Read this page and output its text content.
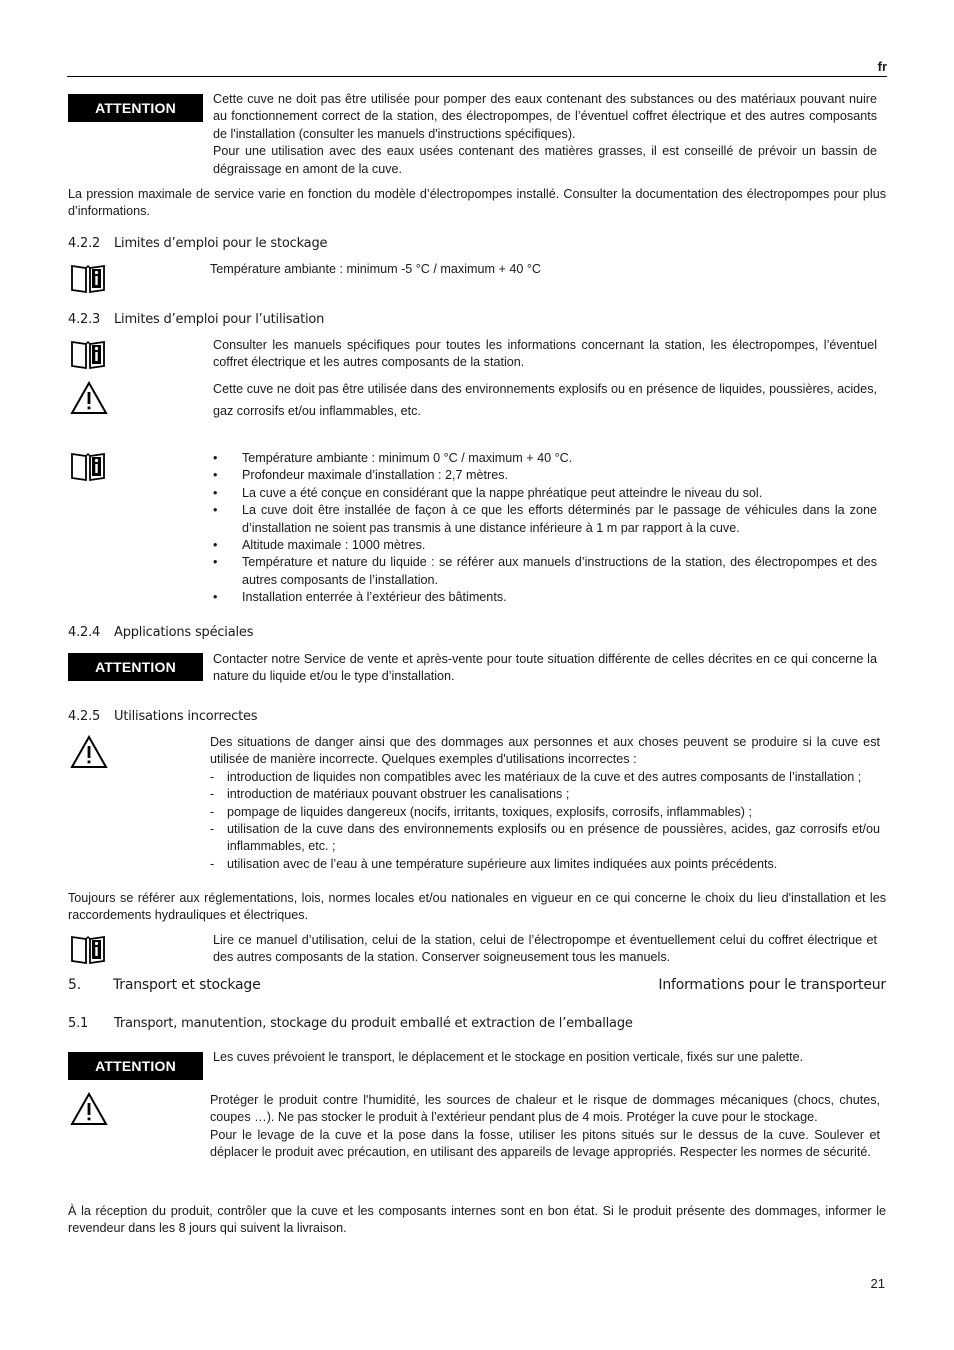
fr
ATTENTION
Cette cuve ne doit pas être utilisée pour pomper des eaux contenant des substances ou des matériaux pouvant nuire au fonctionnement correct de la station, des électropompes, de l’éventuel coffret électrique et des autres composants de l'installation (consulter les manuels d'instructions spécifiques).
Pour une utilisation avec des eaux usées contenant des matières grasses, il est conseillé de prévoir un bassin de dégraissage en amont de la cuve.
La pression maximale de service varie en fonction du modèle d’électropompes installé. Consulter la documentation des électropompes pour plus d’informations.
4.2.2 Limites d’emploi pour le stockage
Température ambiante : minimum -5 °C / maximum + 40 °C
4.2.3 Limites d’emploi pour l’utilisation
Consulter les manuels spécifiques pour toutes les informations concernant la station, les électropompes, l’éventuel coffret électrique et les autres composants de la station.
Cette cuve ne doit pas être utilisée dans des environnements explosifs ou en présence de liquides, poussières, acides, gaz corrosifs et/ou inflammables, etc.
• Température ambiante : minimum 0 °C / maximum + 40 °C.
• Profondeur maximale d’installation : 2,7 mètres.
• La cuve a été conçue en considérant que la nappe phréatique peut atteindre le niveau du sol.
• La cuve doit être installée de façon à ce que les efforts déterminés par le passage de véhicules dans la zone d’installation ne soient pas transmis à une distance inférieure à 1 m par rapport à la cuve.
• Altitude maximale : 1000 mètres.
• Température et nature du liquide : se référer aux manuels d’instructions de la station, des électropompes et des autres composants de l’installation.
• Installation enterrée à l’extérieur des bâtiments.
4.2.4 Applications spéciales
ATTENTION	Contacter notre Service de vente et après-vente pour toute situation différente de celles décrites en ce qui concerne la nature du liquide et/ou le type d’installation.
4.2.5 Utilisations incorrectes
Des situations de danger ainsi que des dommages aux personnes et aux choses peuvent se produire si la cuve est utilisée de manière incorrecte. Quelques exemples d'utilisations incorrectes :
- introduction de liquides non compatibles avec les matériaux de la cuve et des autres composants de l’installation ;
- introduction de matériaux pouvant obstruer les canalisations ;
- pompage de liquides dangereux (nocifs, irritants, toxiques, explosifs, corrosifs, inflammables) ;
- utilisation de la cuve dans des environnements explosifs ou en présence de poussières, acides, gaz corrosifs et/ou inflammables, etc. ;
- utilisation avec de l’eau à une température supérieure aux limites indiquées aux points précédents.
Toujours se référer aux réglementations, lois, normes locales et/ou nationales en vigueur en ce qui concerne le choix du lieu d'installation et les raccordements hydrauliques et électriques.
Lire ce manuel d’utilisation, celui de la station, celui de l’électropompe et éventuellement celui du coffret électrique et des autres composants de la station. Conserver soigneusement tous les manuels.
5. Transport et stockage	Informations pour le transporteur
5.1 Transport, manutention, stockage du produit emballé et extraction de l’emballage
ATTENTION
Les cuves prévoient le transport, le déplacement et le stockage en position verticale, fixés sur une palette.
Protéger le produit contre l'humidité, les sources de chaleur et le risque de dommages mécaniques (chocs, chutes, coupes …). Ne pas stocker le produit à l’extérieur pendant plus de 4 mois. Protéger la cuve pour le stockage.
Pour le levage de la cuve et la pose dans la fosse, utiliser les pitons situés sur le dessus de la cuve. Soulever et déplacer le produit avec précaution, en utilisant des appareils de levage appropriés. Respecter les normes de sécurité.
À la réception du produit, contrôler que la cuve et les composants internes sont en bon état. Si le produit présente des dommages, informer le revendeur dans les 8 jours qui suivent la livraison.
21
